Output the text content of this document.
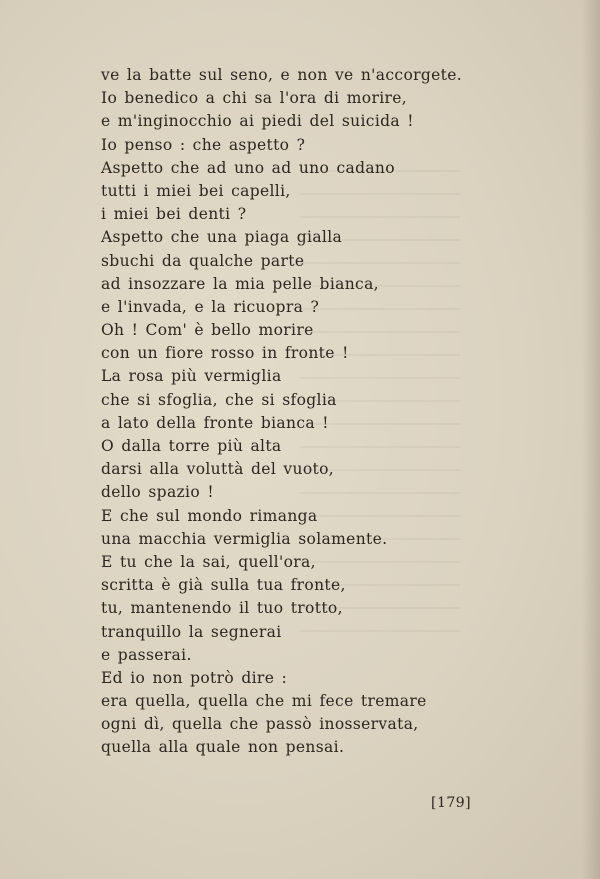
ve la batte sul seno, e non ve n'accorgete.
Io benedico a chi sa l'ora di morire,
e m'inginocchio ai piedi del suicida !
Io penso : che aspetto ?
Aspetto che ad uno ad uno cadano
tutti i miei bei capelli,
i miei bei denti ?
Aspetto che una piaga gialla
sbuchi da qualche parte
ad insozzare la mia pelle bianca,
e l'invada, e la ricuopra ?
Oh ! Com' è bello morire
con un fiore rosso in fronte !
La rosa più vermiglia
che si sfoglia, che si sfoglia
a lato della fronte bianca !
O dalla torre più alta
darsi alla voluttà del vuoto,
dello spazio !
E che sul mondo rimanga
una macchia vermiglia solamente.
E tu che la sai, quell'ora,
scritta è già sulla tua fronte,
tu, mantenendo il tuo trotto,
tranquillo la segnerai
e passerai.
Ed io non potrò dire :
era quella, quella che mi fece tremare
ogni dì, quella che passò inosservata,
quella alla quale non pensai.
[179]
